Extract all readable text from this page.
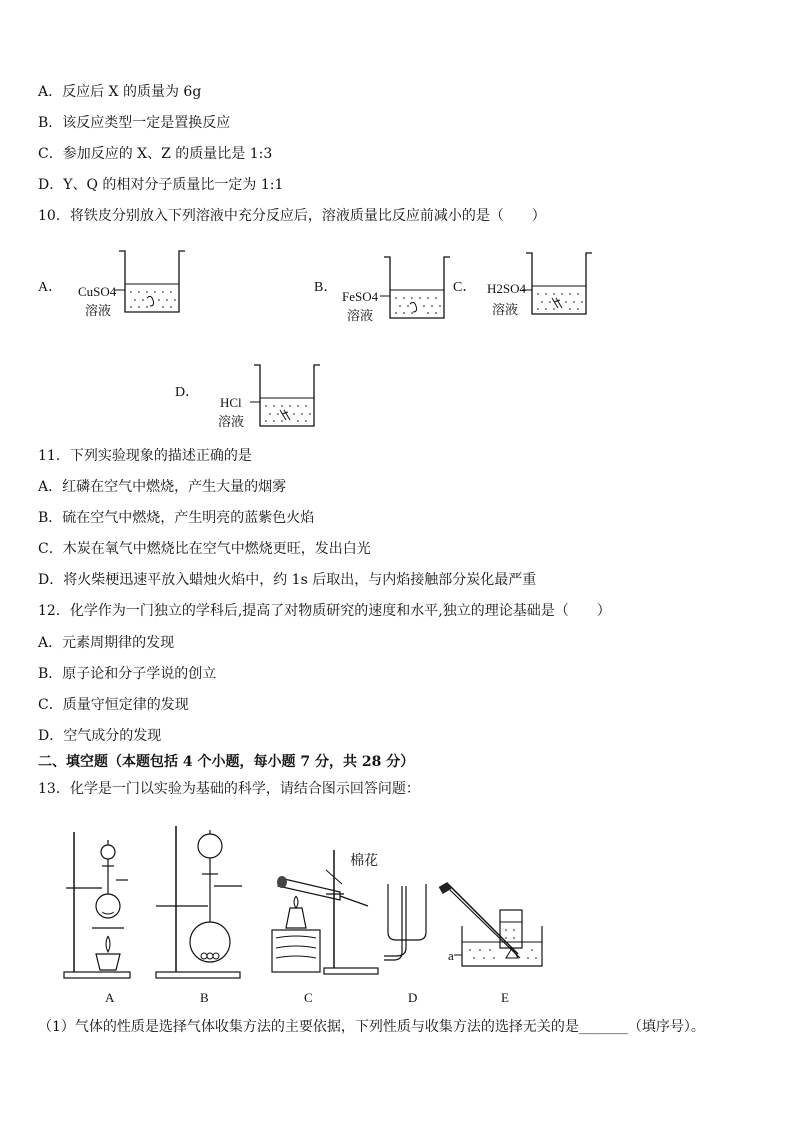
A．反应后 X 的质量为 6g
B．该反应类型一定是置换反应
C．参加反应的 X、Z 的质量比是 1:3
D．Y、Q 的相对分子质量比一定为 1:1
10．将铁皮分别放入下列溶液中充分反应后，溶液质量比反应前减小的是（　　）
A． CuSO4
溶液
B．
FeSO4
溶液
C． H2SO4
溶液
D．
HCl
溶液
11．下列实验现象的描述正确的是
A．红磷在空气中燃烧，产生大量的烟雾
B．硫在空气中燃烧，产生明亮的蓝紫色火焰
C．木炭在氧气中燃烧比在空气中燃烧更旺，发出白光
D．将火柴梗迅速平放入蜡烛火焰中，约 1s 后取出，与内焰接触部分炭化最严重
12．化学作为一门独立的学科后,提高了对物质研究的速度和水平,独立的理论基础是（　　）
A．元素周期律的发现
B．原子论和分子学说的创立
C．质量守恒定律的发现
D．空气成分的发现
二、填空题（本题包括 4 个小题，每小题 7 分，共 28 分）
13．化学是一门以实验为基础的科学，请结合图示回答问题：
A	B
棉花
C	D
a
E
（1）气体的性质是选择气体收集方法的主要依据，下列性质与收集方法的选择无关的是_______（填序号）。
